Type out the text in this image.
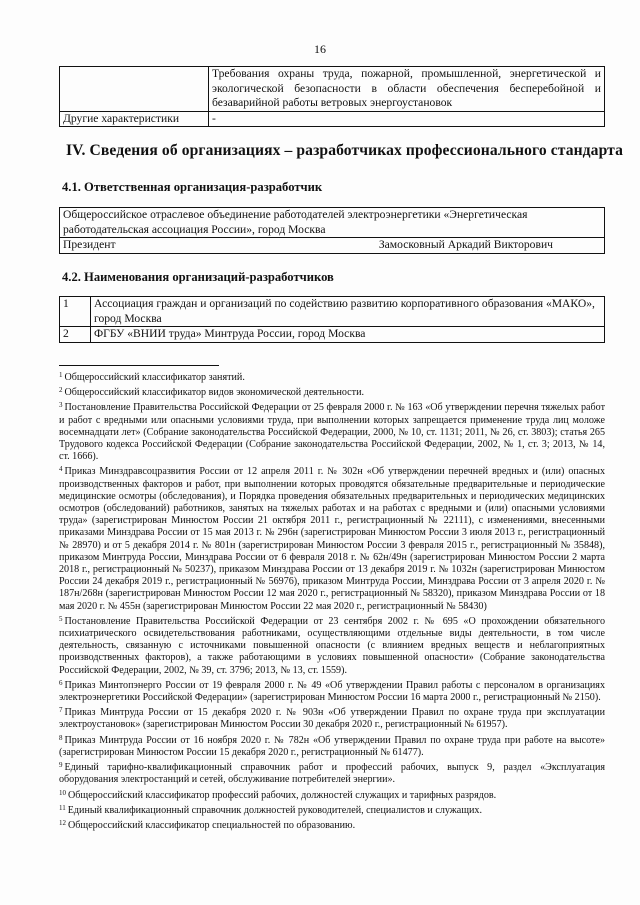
16
	Требования охраны труда, пожарной, промышленной, энергетической и экологической безопасности в области обеспечения бесперебойной и безаварийной работы ветровых энергоустановок
Другие характеристики	-
IV. Сведения об организациях – разработчиках профессионального стандарта
4.1. Ответственная организация-разработчик
Общероссийское отраслевое объединение работодателей электроэнергетики «Энергетическая работодательская ассоциация России», город Москва

Президент	Замосковный Аркадий Викторович
4.2. Наименования организаций-разработчиков
1	Ассоциация граждан и организаций по содействию развитию корпоративного образования «МАКО», город Москва
2	ФГБУ «ВНИИ труда» Минтруда России, город Москва

$^1$ Общероссийский классификатор занятий.

$^2$ Общероссийский классификатор видов экономической деятельности.

$^3$ Постановление Правительства Российской Федерации от 25 февраля 2000 г. № 163 «Об утверждении перечня тяжелых работ и работ с вредными или опасными условиями труда, при выполнении которых запрещается применение труда лиц моложе восемнадцати лет» (Собрание законодательства Российской Федерации, 2000, № 10, ст. 1131; 2011, № 26, ст. 3803); статья 265 Трудового кодекса Российской Федерации (Собрание законодательства Российской Федерации, 2002, № 1, ст. 3; 2013, № 14, ст. 1666).

$^4$ Приказ Минздравсоцразвития России от 12 апреля 2011 г. № 302н «Об утверждении перечней вредных и (или) опасных производственных факторов и работ, при выполнении которых проводятся обязательные предварительные и периодические медицинские осмотры (обследования), и Порядка проведения обязательных предварительных и периодических медицинских осмотров (обследований) работников, занятых на тяжелых работах и на работах с вредными и (или) опасными условиями труда» (зарегистрирован Минюстом России 21 октября 2011 г., регистрационный № 22111), с изменениями, внесенными приказами Минздрава России от 15 мая 2013 г. № 296н (зарегистрирован Минюстом России 3 июля 2013 г., регистрационный № 28970) и от 5 декабря 2014 г. № 801н (зарегистрирован Минюстом России 3 февраля 2015 г., регистрационный № 35848), приказом Минтруда России, Минздрава России от 6 февраля 2018 г. № 62н/49н (зарегистрирован Минюстом России 2 марта 2018 г., регистрационный № 50237), приказом Минздрава России от 13 декабря 2019 г. № 1032н (зарегистрирован Минюстом России 24 декабря 2019 г., регистрационный № 56976), приказом Минтруда России, Минздрава России от 3 апреля 2020 г. № 187н/268н (зарегистрирован Минюстом России 12 мая 2020 г., регистрационный № 58320), приказом Минздрава России от 18 мая 2020 г. № 455н (зарегистрирован Минюстом России 22 мая 2020 г., регистрационный № 58430)

$^5$ Постановление Правительства Российской Федерации от 23 сентября 2002 г. № 695 «О прохождении обязательного психиатрического освидетельствования работниками, осуществляющими отдельные виды деятельности, в том числе деятельность, связанную с источниками повышенной опасности (с влиянием вредных веществ и неблагоприятных производственных факторов), а также работающими в условиях повышенной опасности» (Собрание законодательства Российской Федерации, 2002, № 39, ст. 3796; 2013, № 13, ст. 1559).

$^6$ Приказ Минтопэнерго России от 19 февраля 2000 г. № 49 «Об утверждении Правил работы с персоналом в организациях электроэнергетики Российской Федерации» (зарегистрирован Минюстом России 16 марта 2000 г., регистрационный № 2150).

$^7$ Приказ Минтруда России от 15 декабря 2020 г. № 903н «Об утверждении Правил по охране труда при эксплуатации электроустановок» (зарегистрирован Минюстом России 30 декабря 2020 г., регистрационный № 61957).

$^8$ Приказ Минтруда России от 16 ноября 2020 г. № 782н «Об утверждении Правил по охране труда при работе на высоте» (зарегистрирован Минюстом России 15 декабря 2020 г., регистрационный № 61477).

$^9$ Единый тарифно-квалификационный справочник работ и профессий рабочих, выпуск 9, раздел «Эксплуатация оборудования электростанций и сетей, обслуживание потребителей энергии».

$^{10}$ Общероссийский классификатор профессий рабочих, должностей служащих и тарифных разрядов.

$^{11}$ Единый квалификационный справочник должностей руководителей, специалистов и служащих.

$^{12}$ Общероссийский классификатор специальностей по образованию.
